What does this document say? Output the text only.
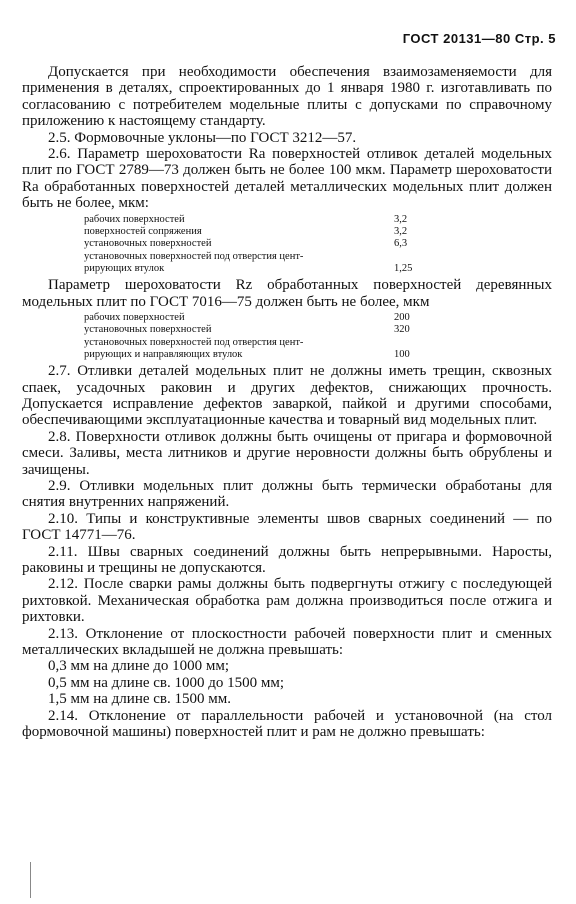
ГОСТ 20131—80 Стр. 5

Допускается при необходимости обеспечения взаимозаменяемости для применения в деталях, спроектированных до 1 января 1980 г. изготавливать по согласованию с потребителем модельные плиты с допусками по справочному приложению к настоящему стандарту.

2.5. Формовочные уклоны—по ГОСТ 3212—57.

2.6. Параметр шероховатости Ra поверхностей отливок деталей модельных плит по ГОСТ 2789—73 должен быть не более 100 мкм. Параметр шероховатости Ra обработанных поверхностей деталей металлических модельных плит должен быть не более, мкм:

рабочих поверхностей	3,2
поверхностей сопряжения	3,2
установочных поверхностей	6,3
установочных поверхностей под отверстия цент-	
рирующих втулок	1,25

Параметр шероховатости Rz обработанных поверхностей деревянных модельных плит по ГОСТ 7016—75 должен быть не более, мкм

рабочих поверхностей	200
установочных поверхностей	320
установочных поверхностей под отверстия цент-	
рирующих и направляющих втулок	100

2.7. Отливки деталей модельных плит не должны иметь трещин, сквозных спаек, усадочных раковин и других дефектов, снижающих прочность. Допускается исправление дефектов заваркой, пайкой и другими способами, обеспечивающими эксплуатационные качества и товарный вид модельных плит.

2.8. Поверхности отливок должны быть очищены от пригара и формовочной смеси. Заливы, места литников и другие неровности должны быть обрублены и зачищены.

2.9. Отливки модельных плит должны быть термически обработаны для снятия внутренних напряжений.

2.10. Типы и конструктивные элементы швов сварных соединений — по ГОСТ 14771—76.

2.11. Швы сварных соединений должны быть непрерывными. Наросты, раковины и трещины не допускаются.

2.12. После сварки рамы должны быть подвергнуты отжигу с последующей рихтовкой. Механическая обработка рам должна производиться после отжига и рихтовки.

2.13. Отклонение от плоскостности рабочей поверхности плит и сменных металлических вкладышей не должна превышать:

0,3 мм на длине до 1000 мм;

0,5 мм на длине св. 1000 до 1500 мм;

1,5 мм на длине св. 1500 мм.

2.14. Отклонение от параллельности рабочей и установочной (на стол формовочной машины) поверхностей плит и рам не должно превышать:
